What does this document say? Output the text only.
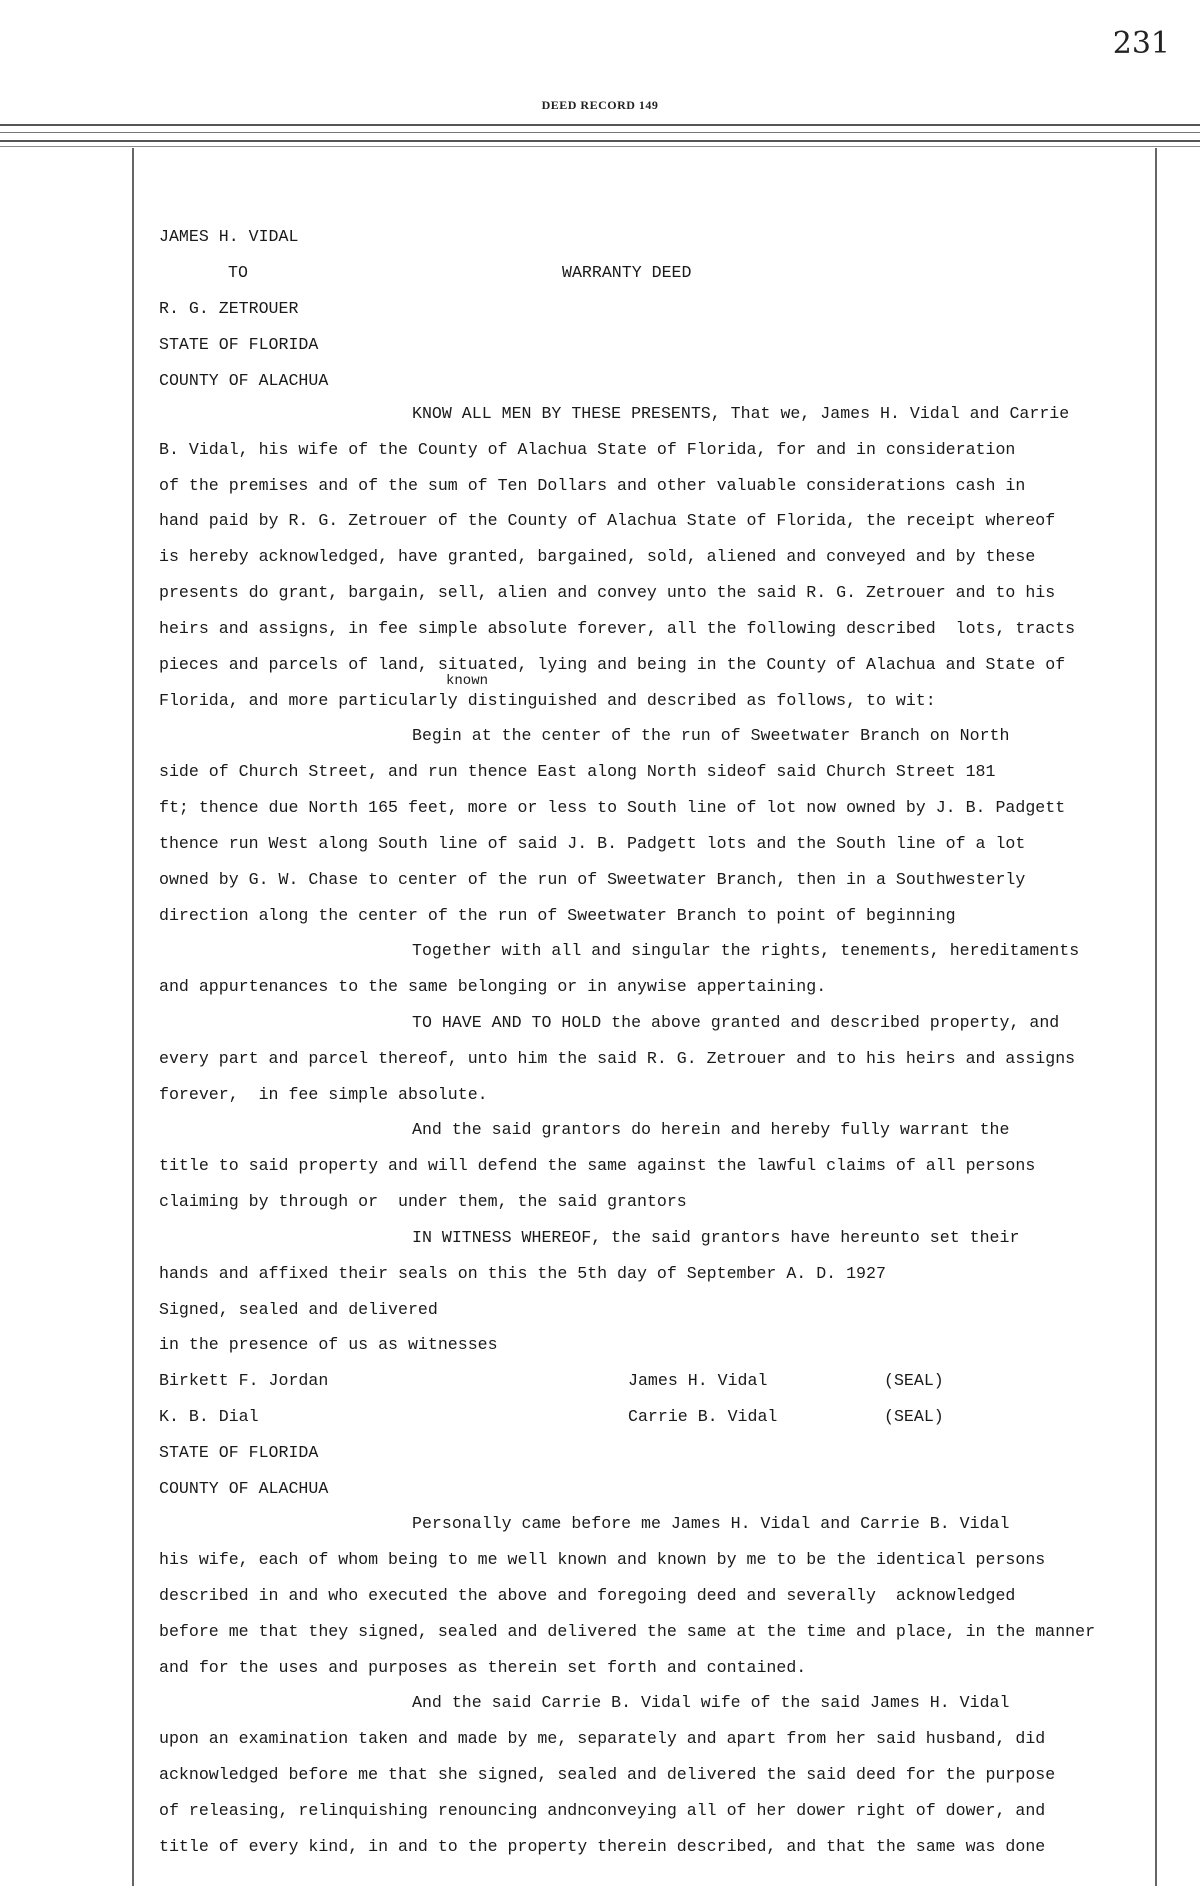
231
DEED RECORD 149
JAMES H. VIDAL
TO	WARRANTY DEED
R. G. ZETROUER
STATE OF FLORIDA
COUNTY OF ALACHUA
KNOW ALL MEN BY THESE PRESENTS, That we, James H. Vidal and Carrie
B. Vidal, his wife of the County of Alachua State of Florida, for and in consideration
of the premises and of the sum of Ten Dollars and other valuable considerations cash in
hand paid by R. G. Zetrouer of the County of Alachua State of Florida, the receipt whereof
is hereby acknowledged, have granted, bargained, sold, aliened and conveyed and by these
presents do grant, bargain, sell, alien and convey unto the said R. G. Zetrouer and to his
heirs and assigns, in fee simple absolute forever, all the following described  lots, tracts
pieces and parcels of land, situated, lying and being in the County of Alachua and State of
known
Florida, and more particularly distinguished and described as follows, to wit:
Begin at the center of the run of Sweetwater Branch on North
side of Church Street, and run thence East along North sideof said Church Street 181
ft; thence due North 165 feet, more or less to South line of lot now owned by J. B. Padgett
thence run West along South line of said J. B. Padgett lots and the South line of a lot
owned by G. W. Chase to center of the run of Sweetwater Branch, then in a Southwesterly
direction along the center of the run of Sweetwater Branch to point of beginning
Together with all and singular the rights, tenements, hereditaments
and appurtenances to the same belonging or in anywise appertaining.
TO HAVE AND TO HOLD the above granted and described property, and
every part and parcel thereof, unto him the said R. G. Zetrouer and to his heirs and assigns
forever,  in fee simple absolute.
And the said grantors do herein and hereby fully warrant the
title to said property and will defend the same against the lawful claims of all persons
claiming by through or  under them, the said grantors
IN WITNESS WHEREOF, the said grantors have hereunto set their
hands and affixed their seals on this the 5th day of September A. D. 1927
Signed, sealed and delivered
in the presence of us as witnesses
Birkett F. Jordan	James H. Vidal	(SEAL)
K. B. Dial	Carrie B. Vidal	(SEAL)
STATE OF FLORIDA
COUNTY OF ALACHUA
Personally came before me James H. Vidal and Carrie B. Vidal
his wife, each of whom being to me well known and known by me to be the identical persons
described in and who executed the above and foregoing deed and severally  acknowledged
before me that they signed, sealed and delivered the same at the time and place, in the manner
and for the uses and purposes as therein set forth and contained.
And the said Carrie B. Vidal wife of the said James H. Vidal
upon an examination taken and made by me, separately and apart from her said husband, did
acknowledged before me that she signed, sealed and delivered the said deed for the purpose
of releasing, relinquishing renouncing andnconveying all of her dower right of dower, and
title of every kind, in and to the property therein described, and that the same was done
